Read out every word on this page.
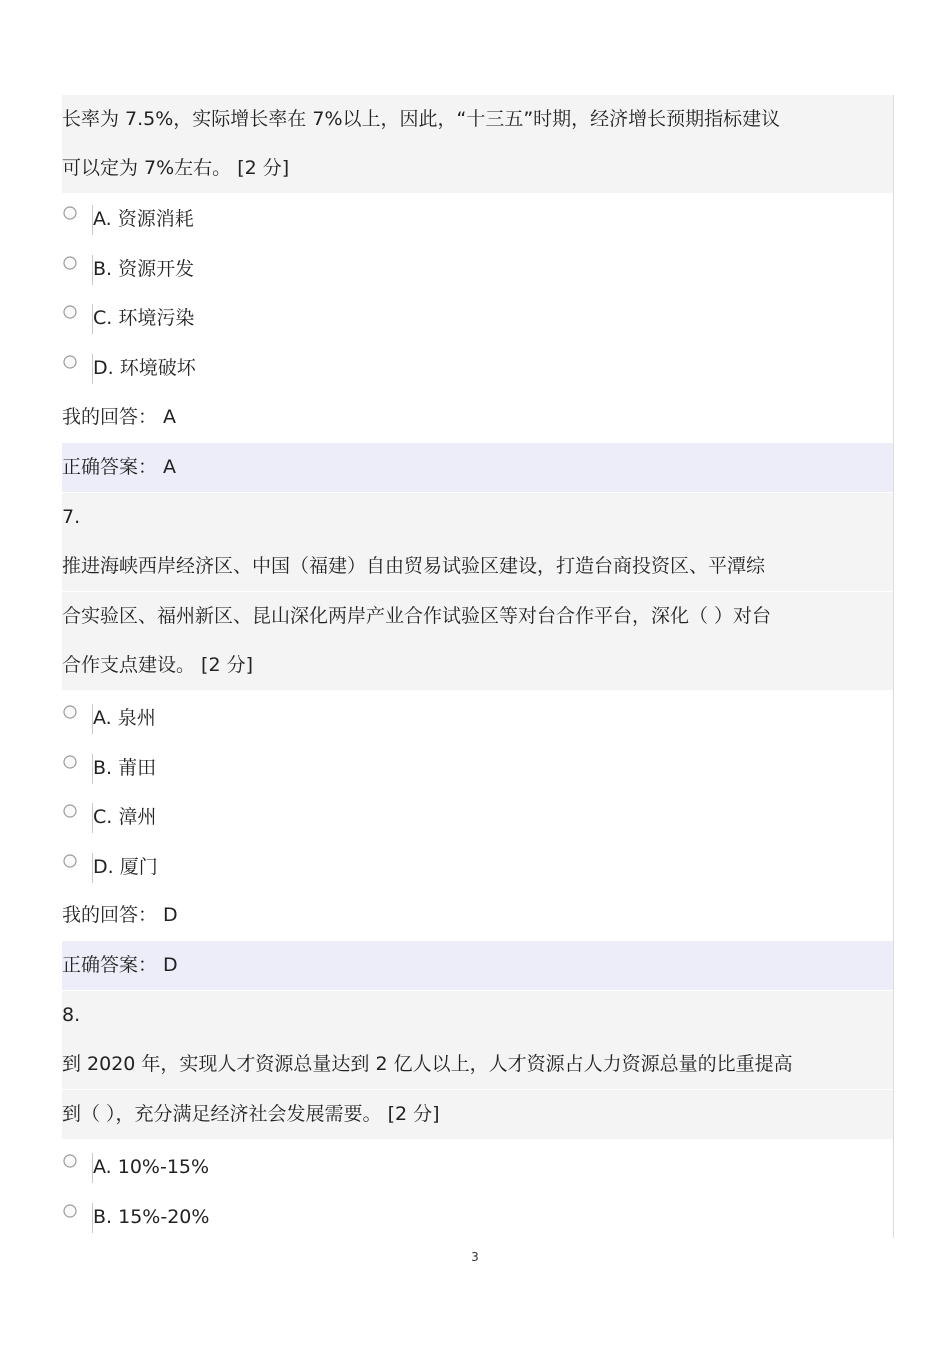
长率为 7.5%，实际增长率在 7%以上，因此，“十三五”时期，经济增长预期指标建议
可以定为 7%左右。 [2 分]
A. 资源消耗
B. 资源开发
C. 环境污染
D. 环境破坏
我的回答： A
正确答案： A
7.
推进海峡西岸经济区、中国（福建）自由贸易试验区建设，打造台商投资区、平潭综
合实验区、福州新区、昆山深化两岸产业合作试验区等对台合作平台，深化（ ）对台
合作支点建设。 [2 分]
A. 泉州
B. 莆田
C. 漳州
D. 厦门
我的回答： D
正确答案： D
8.
到 2020 年，实现人才资源总量达到 2 亿人以上，人才资源占人力资源总量的比重提高
到（ ），充分满足经济社会发展需要。 [2 分]
A. 10%-15%
B. 15%-20%
3
